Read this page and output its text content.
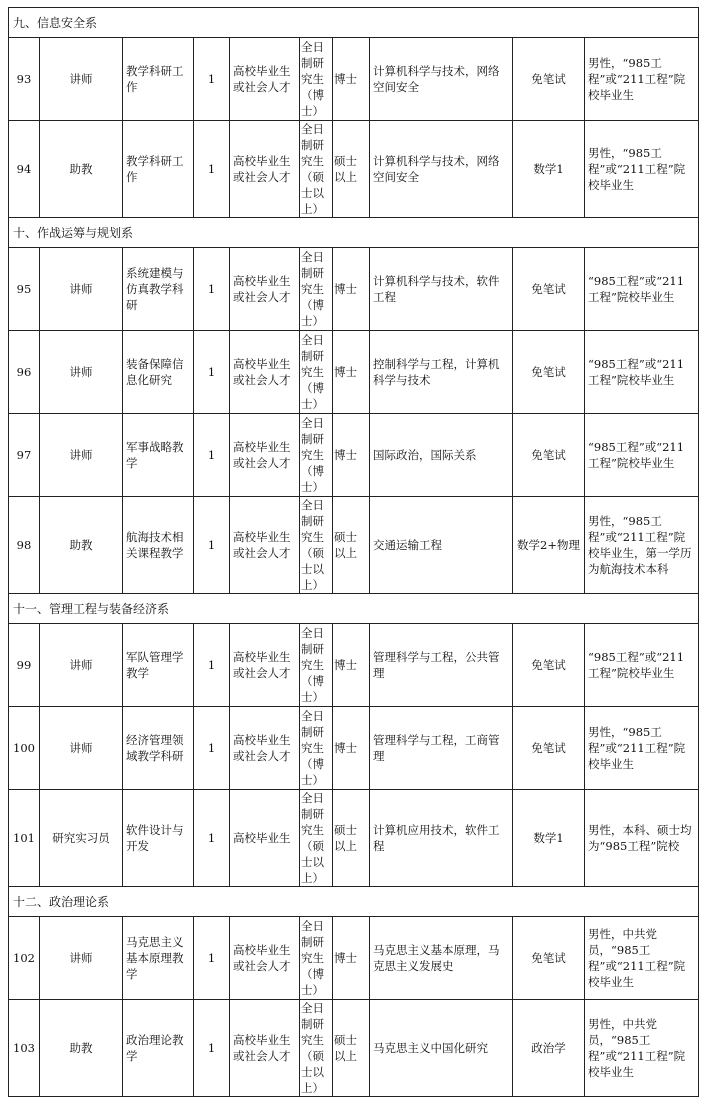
九、信息安全系									
93	讲师	教学科研工作	1	高校毕业生或社会人才	全日制研究生（博士）	博士	计算机科学与技术，网络空间安全	免笔试	男性，“985工程”或“211工程”院校毕业生
94	助教	教学科研工作	1	高校毕业生或社会人才	全日制研究生（硕士以上）	硕士以上	计算机科学与技术，网络空间安全	数学1	男性，“985工程”或“211工程”院校毕业生
十、作战运筹与规划系									
95	讲师	系统建模与仿真教学科研	1	高校毕业生或社会人才	全日制研究生（博士）	博士	计算机科学与技术，软件工程	免笔试	“985工程”或“211工程”院校毕业生
96	讲师	装备保障信息化研究	1	高校毕业生或社会人才	全日制研究生（博士）	博士	控制科学与工程，计算机科学与技术	免笔试	“985工程”或“211工程”院校毕业生
97	讲师	军事战略教学	1	高校毕业生或社会人才	全日制研究生（博士）	博士	国际政治，国际关系	免笔试	“985工程”或“211工程”院校毕业生
98	助教	航海技术相关课程教学	1	高校毕业生或社会人才	全日制研究生（硕士以上）	硕士以上	交通运输工程	数学2+物理	男性，“985工程”或“211工程”院校毕业生，第一学历为航海技术本科
十一、管理工程与装备经济系									
99	讲师	军队管理学教学	1	高校毕业生或社会人才	全日制研究生（博士）	博士	管理科学与工程，公共管理	免笔试	“985工程”或“211工程”院校毕业生
100	讲师	经济管理领域教学科研	1	高校毕业生或社会人才	全日制研究生（博士）	博士	管理科学与工程，工商管理	免笔试	男性，“985工程”或“211工程”院校毕业生
101	研究实习员	软件设计与开发	1	高校毕业生	全日制研究生（硕士以上）	硕士以上	计算机应用技术，软件工程	数学1	男性，本科、硕士均为“985工程”院校
十二、政治理论系									
102	讲师	马克思主义基本原理教学	1	高校毕业生或社会人才	全日制研究生（博士）	博士	马克思主义基本原理，马克思主义发展史	免笔试	男性，中共党员，“985工程”或“211工程”院校毕业生
103	助教	政治理论教学	1	高校毕业生或社会人才	全日制研究生（硕士以上）	硕士以上	马克思主义中国化研究	政治学	男性，中共党员，“985工程”或“211工程”院校毕业生
